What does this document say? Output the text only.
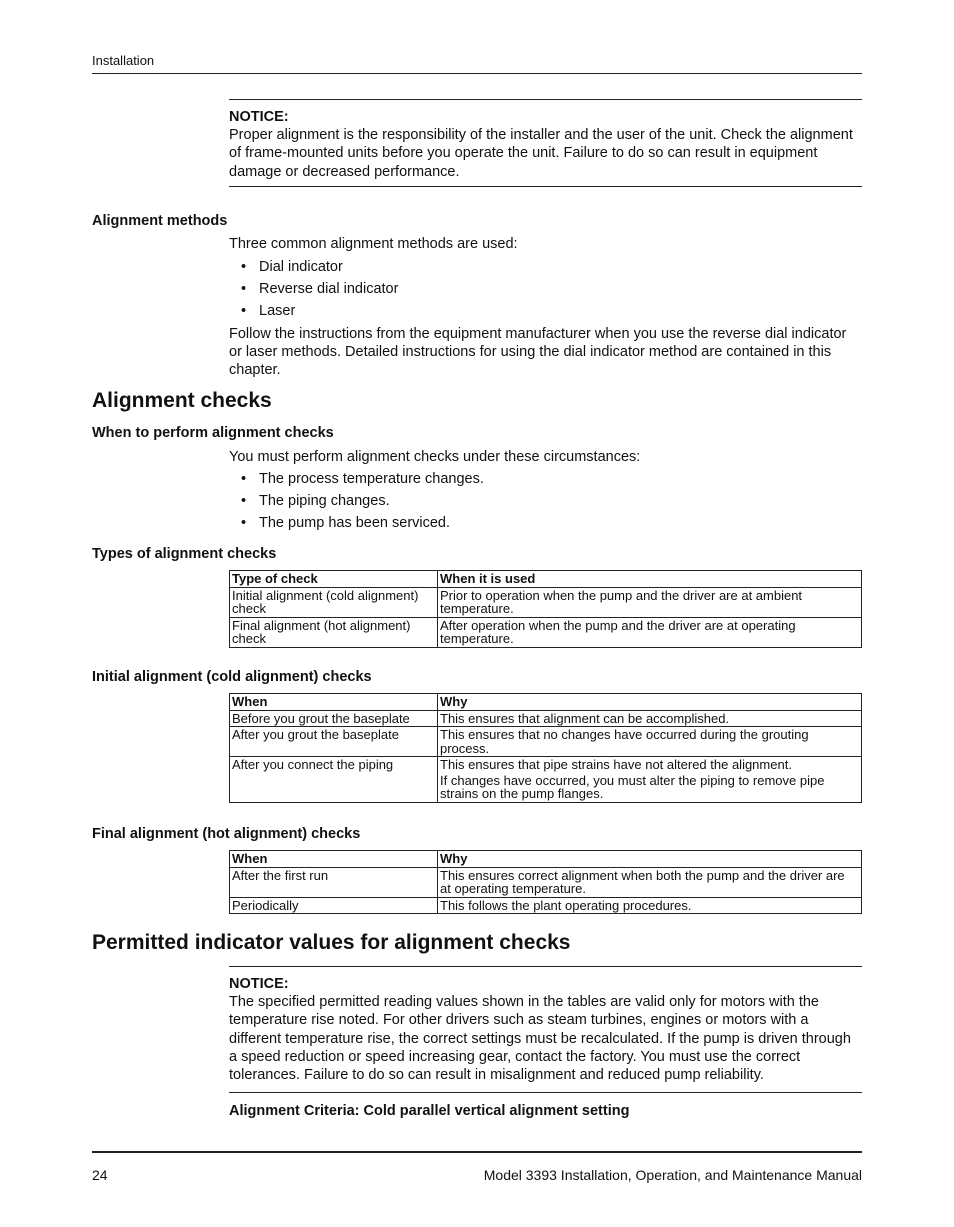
Installation
NOTICE:
Proper alignment is the responsibility of the installer and the user of the unit. Check the alignment of frame-mounted units before you operate the unit. Failure to do so can result in equipment damage or decreased performance.
Alignment methods
Three common alignment methods are used:
• Dial indicator
• Reverse dial indicator
• Laser
Follow the instructions from the equipment manufacturer when you use the reverse dial indicator or laser methods. Detailed instructions for using the dial indicator method are contained in this chapter.
Alignment checks
When to perform alignment checks
You must perform alignment checks under these circumstances:
• The process temperature changes.
• The piping changes.
• The pump has been serviced.
Types of alignment checks
Type of check	When it is used
Initial alignment (cold alignment) check	Prior to operation when the pump and the driver are at ambient temperature.
Final alignment (hot alignment) check	After operation when the pump and the driver are at operating temperature.
Initial alignment (cold alignment) checks
When	Why
Before you grout the baseplate	This ensures that alignment can be accomplished.
After you grout the baseplate	This ensures that no changes have occurred during the grouting process.
After you connect the piping	This ensures that pipe strains have not altered the alignment.
If changes have occurred, you must alter the piping to remove pipe strains on the pump flanges.
Final alignment (hot alignment) checks
When	Why
After the first run	This ensures correct alignment when both the pump and the driver are at operating temperature.
Periodically	This follows the plant operating procedures.
Permitted indicator values for alignment checks
NOTICE:
The specified permitted reading values shown in the tables are valid only for motors with the temperature rise noted. For other drivers such as steam turbines, engines or motors with a different temperature rise, the correct settings must be recalculated. If the pump is driven through a speed reduction or speed increasing gear, contact the factory. You must use the correct tolerances. Failure to do so can result in misalignment and reduced pump reliability.
Alignment Criteria: Cold parallel vertical alignment setting
24	Model 3393 Installation, Operation, and Maintenance Manual
